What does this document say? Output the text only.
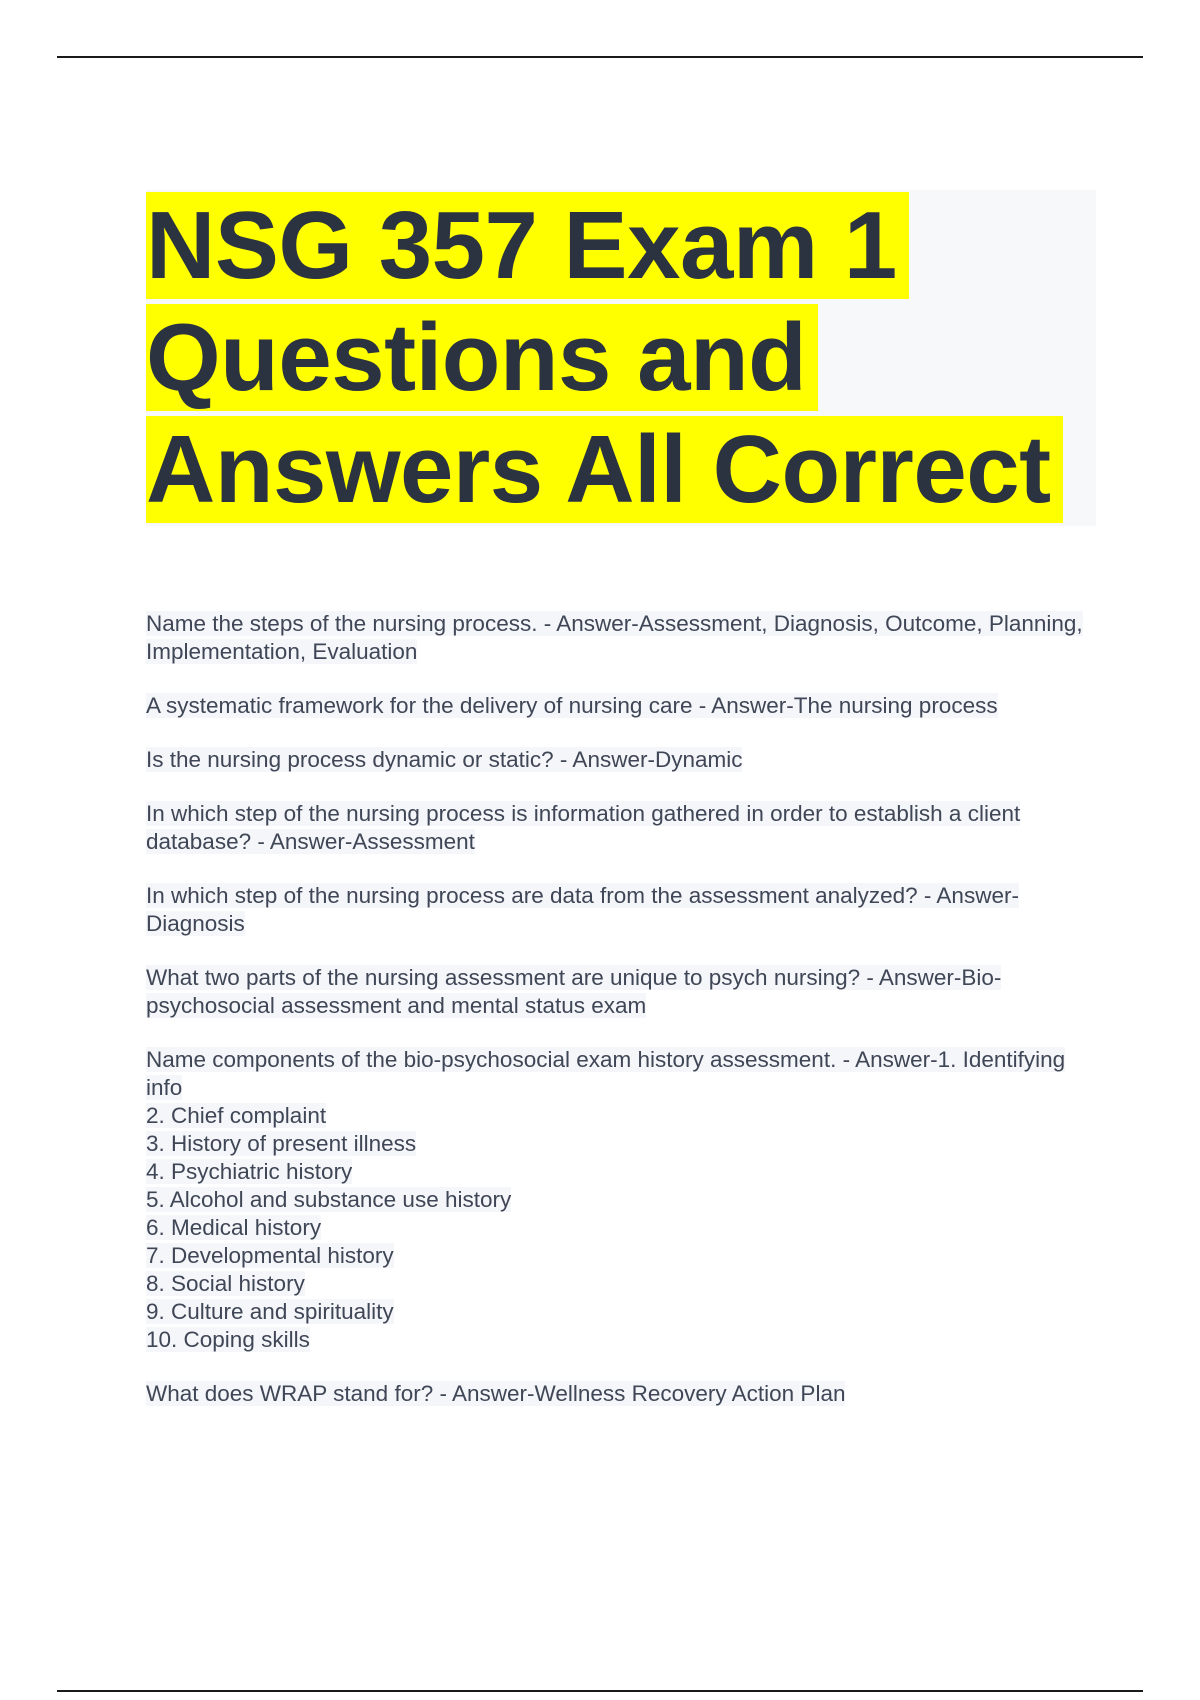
NSG 357 Exam 1
Questions and
Answers All Correct

Name the steps of the nursing process. - Answer-Assessment, Diagnosis, Outcome, Planning, Implementation, Evaluation

A systematic framework for the delivery of nursing care - Answer-The nursing process

Is the nursing process dynamic or static? - Answer-Dynamic

In which step of the nursing process is information gathered in order to establish a client database? - Answer-Assessment

In which step of the nursing process are data from the assessment analyzed? - Answer-Diagnosis

What two parts of the nursing assessment are unique to psych nursing? - Answer-Bio-psychosocial assessment and mental status exam

Name components of the bio-psychosocial exam history assessment. - Answer-1. Identifying info
2. Chief complaint
3. History of present illness
4. Psychiatric history
5. Alcohol and substance use history
6. Medical history
7. Developmental history
8. Social history
9. Culture and spirituality
10. Coping skills

What does WRAP stand for? - Answer-Wellness Recovery Action Plan
